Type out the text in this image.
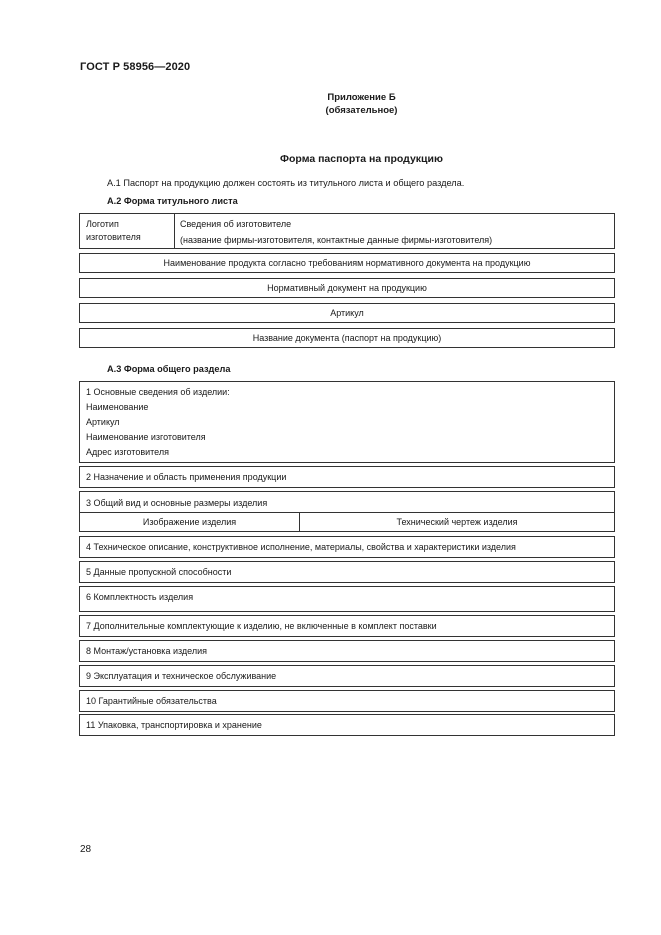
ГОСТ Р 58956—2020
Приложение Б
(обязательное)
Форма паспорта на продукцию
А.1 Паспорт на продукцию должен состоять из титульного листа и общего раздела.
А.2 Форма титульного листа
Логотип
изготовителя
Сведения об изготовителе
(название фирмы-изготовителя, контактные данные фирмы-изготовителя)
Наименование продукта согласно требованиям нормативного документа на продукцию
Нормативный документ на продукцию
Артикул
Название документа (паспорт на продукцию)
А.3 Форма общего раздела
1 Основные сведения об изделии:
Наименование
Артикул
Наименование изготовителя
Адрес изготовителя
2 Назначение и область применения продукции
3 Общий вид и основные размеры изделия
Изображение изделия	Технический чертеж изделия
4 Техническое описание, конструктивное исполнение, материалы, свойства и характеристики изделия
5 Данные пропускной способности
6 Комплектность изделия
7 Дополнительные комплектующие к изделию, не включенные в комплект поставки
8 Монтаж/установка изделия
9 Эксплуатация и техническое обслуживание
10 Гарантийные обязательства
11 Упаковка, транспортировка и хранение
28
